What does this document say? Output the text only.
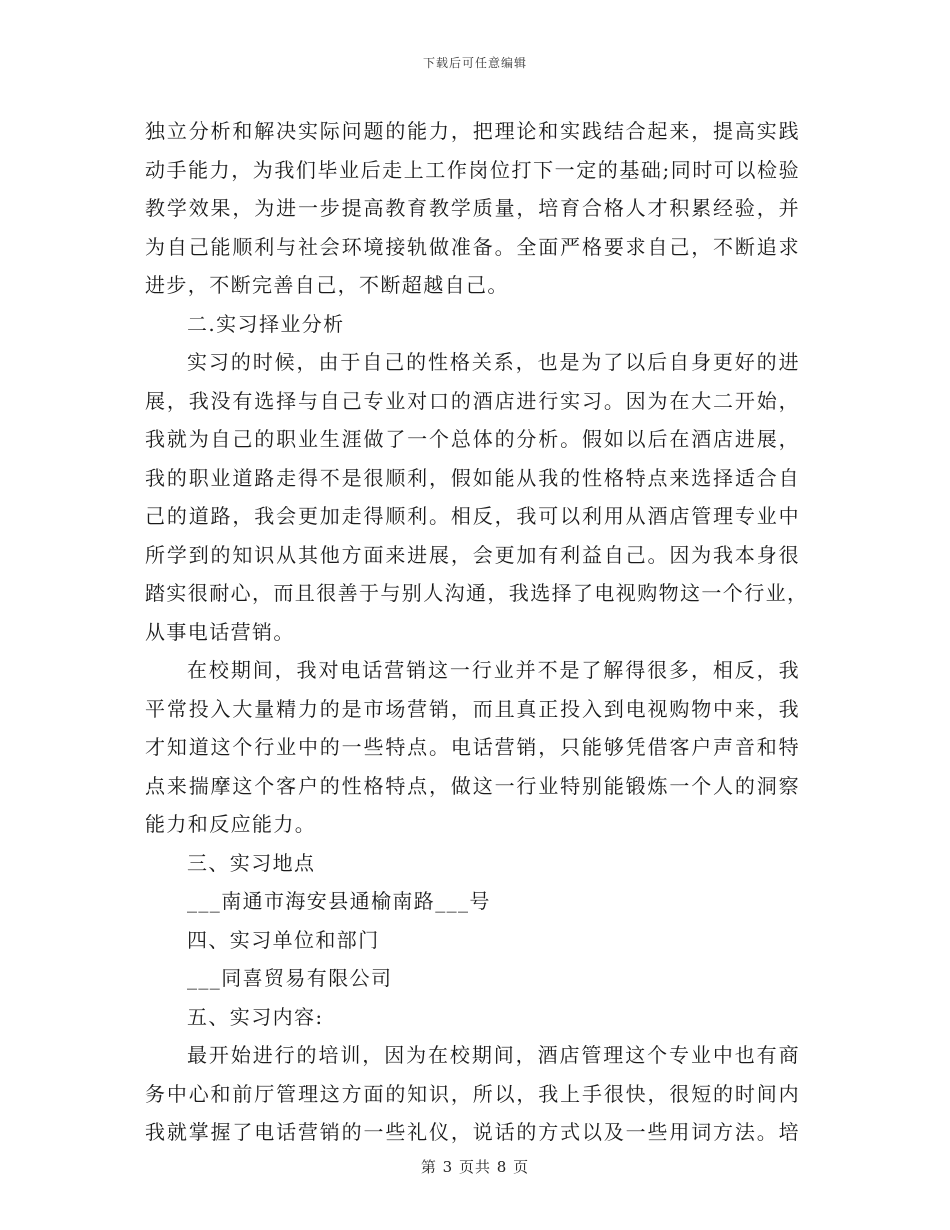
下载后可任意编辑
独立分析和解决实际问题的能力，把理论和实践结合起来，提高实践
动手能力，为我们毕业后走上工作岗位打下一定的基础;同时可以检验
教学效果，为进一步提高教育教学质量，培育合格人才积累经验，并
为自己能顺利与社会环境接轨做准备。全面严格要求自己，不断追求
进步，不断完善自己，不断超越自己。
二.实习择业分析
实习的时候，由于自己的性格关系，也是为了以后自身更好的进
展，我没有选择与自己专业对口的酒店进行实习。因为在大二开始，
我就为自己的职业生涯做了一个总体的分析。假如以后在酒店进展，
我的职业道路走得不是很顺利，假如能从我的性格特点来选择适合自
己的道路，我会更加走得顺利。相反，我可以利用从酒店管理专业中
所学到的知识从其他方面来进展，会更加有利益自己。因为我本身很
踏实很耐心，而且很善于与别人沟通，我选择了电视购物这一个行业，
从事电话营销。
在校期间，我对电话营销这一行业并不是了解得很多，相反，我
平常投入大量精力的是市场营销，而且真正投入到电视购物中来，我
才知道这个行业中的一些特点。电话营销，只能够凭借客户声音和特
点来揣摩这个客户的性格特点，做这一行业特别能锻炼一个人的洞察
能力和反应能力。
三、实习地点
___南通市海安县通榆南路___号
四、实习单位和部门
___同喜贸易有限公司
五、实习内容:
最开始进行的培训，因为在校期间，酒店管理这个专业中也有商
务中心和前厅管理这方面的知识，所以，我上手很快，很短的时间内
我就掌握了电话营销的一些礼仪，说话的方式以及一些用词方法。培
第 3 页共 8 页
